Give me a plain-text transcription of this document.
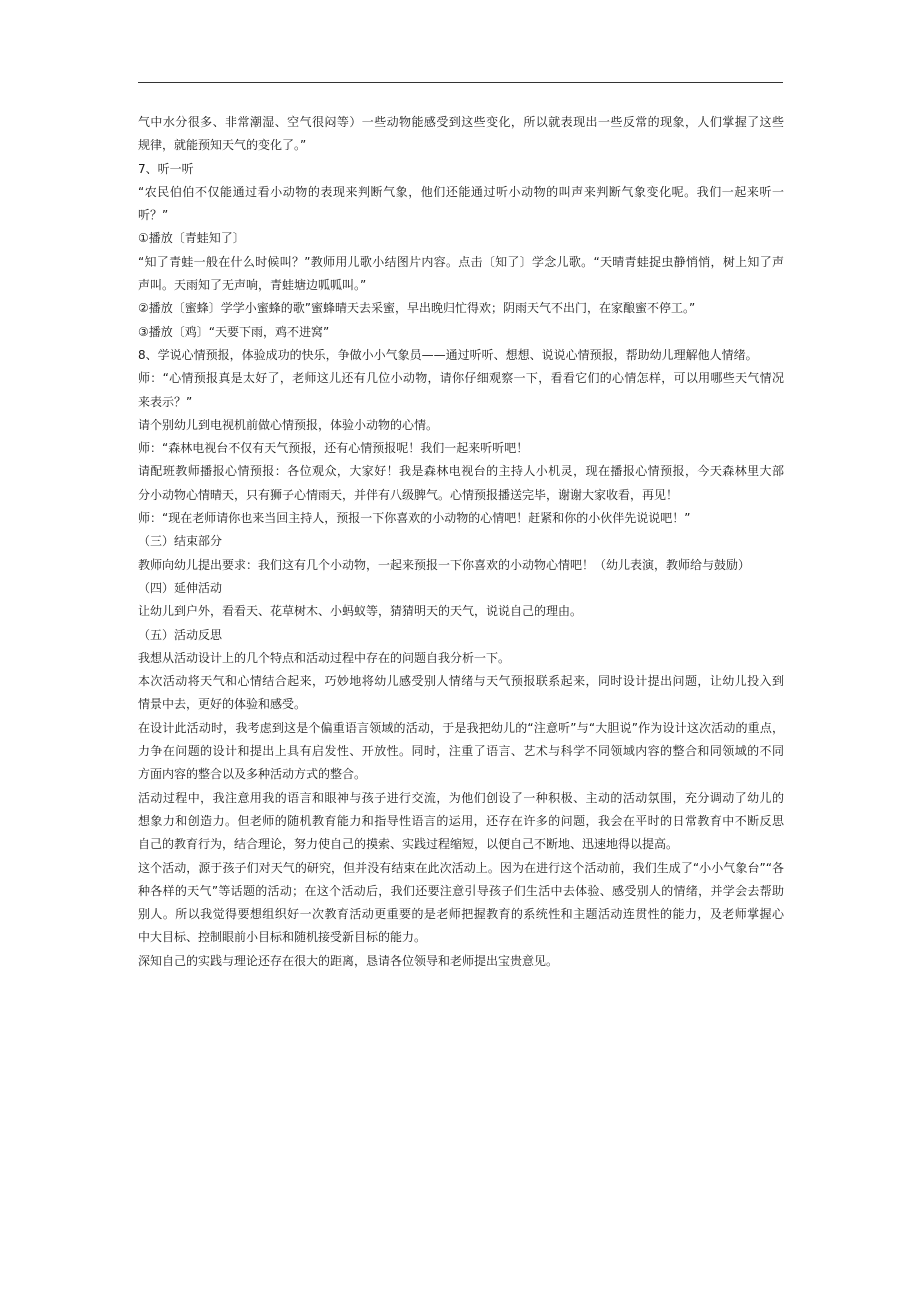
气中水分很多、非常潮湿、空气很闷等）一些动物能感受到这些变化，所以就表现出一些反常的现象，人们掌握了这些
规律，就能预知天气的变化了。”
7、听一听
“农民伯伯不仅能通过看小动物的表现来判断气象，他们还能通过听小动物的叫声来判断气象变化呢。我们一起来听一
听？”
①播放〔青蛙知了〕
“知了青蛙一般在什么时候叫？”教师用儿歌小结图片内容。点击〔知了〕学念儿歌。“天晴青蛙捉虫静悄悄，树上知了声
声叫。天雨知了无声响，青蛙塘边呱呱叫。”
②播放〔蜜蜂〕学学小蜜蜂的歌”蜜蜂晴天去采蜜，早出晚归忙得欢；阴雨天气不出门，在家酿蜜不停工。”
③播放〔鸡〕“天要下雨，鸡不进窝”
8、学说心情预报，体验成功的快乐，争做小小气象员——通过听听、想想、说说心情预报，帮助幼儿理解他人情绪。
师：“心情预报真是太好了，老师这儿还有几位小动物，请你仔细观察一下，看看它们的心情怎样，可以用哪些天气情况
来表示？”
请个别幼儿到电视机前做心情预报，体验小动物的心情。
师：“森林电视台不仅有天气预报，还有心情预报呢！我们一起来听听吧！
请配班教师播报心情预报：各位观众，大家好！我是森林电视台的主持人小机灵，现在播报心情预报，今天森林里大部
分小动物心情晴天，只有狮子心情雨天，并伴有八级脾气。心情预报播送完毕，谢谢大家收看，再见！
师：“现在老师请你也来当回主持人，预报一下你喜欢的小动物的心情吧！赶紧和你的小伙伴先说说吧！”
（三）结束部分
教师向幼儿提出要求：我们这有几个小动物，一起来预报一下你喜欢的小动物心情吧！（幼儿表演，教师给与鼓励）
（四）延伸活动
让幼儿到户外，看看天、花草树木、小蚂蚁等，猜猜明天的天气，说说自己的理由。
（五）活动反思
我想从活动设计上的几个特点和活动过程中存在的问题自我分析一下。
本次活动将天气和心情结合起来，巧妙地将幼儿感受别人情绪与天气预报联系起来，同时设计提出问题，让幼儿投入到
情景中去，更好的体验和感受。
在设计此活动时，我考虑到这是个偏重语言领域的活动，于是我把幼儿的“注意听”与“大胆说”作为设计这次活动的重点，
力争在问题的设计和提出上具有启发性、开放性。同时，注重了语言、艺术与科学不同领域内容的整合和同领域的不同
方面内容的整合以及多种活动方式的整合。
活动过程中，我注意用我的语言和眼神与孩子进行交流，为他们创设了一种积极、主动的活动氛围，充分调动了幼儿的
想象力和创造力。但老师的随机教育能力和指导性语言的运用，还存在许多的问题，我会在平时的日常教育中不断反思
自己的教育行为，结合理论，努力使自己的摸索、实践过程缩短，以便自己不断地、迅速地得以提高。
这个活动，源于孩子们对天气的研究，但并没有结束在此次活动上。因为在进行这个活动前，我们生成了“小小气象台”“各
种各样的天气”等话题的活动；在这个活动后，我们还要注意引导孩子们生活中去体验、感受别人的情绪，并学会去帮助
别人。所以我觉得要想组织好一次教育活动更重要的是老师把握教育的系统性和主题活动连贯性的能力，及老师掌握心
中大目标、控制眼前小目标和随机接受新目标的能力。
深知自己的实践与理论还存在很大的距离，恳请各位领导和老师提出宝贵意见。
